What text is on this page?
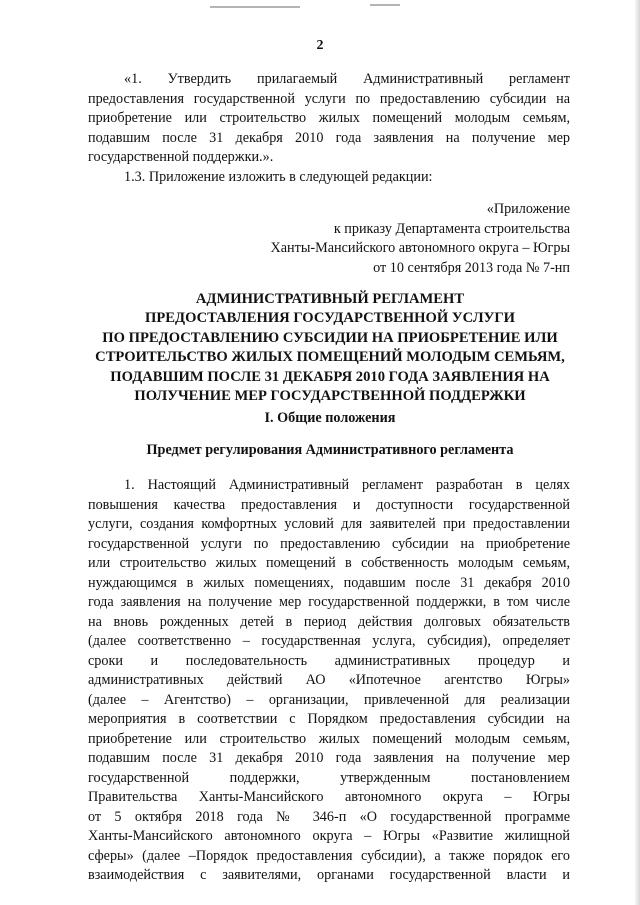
2
«1. Утвердить прилагаемый Административный регламент
предоставления государственной услуги по предоставлению субсидии на
приобретение или строительство жилых помещений молодым семьям,
подавшим после 31 декабря 2010 года заявления на получение мер
государственной поддержки.».
1.3. Приложение изложить в следующей редакции:
«Приложение
к приказу Департамента строительства
Ханты-Мансийского автономного округа – Югры
от 10 сентября 2013 года № 7-нп
АДМИНИСТРАТИВНЫЙ РЕГЛАМЕНТ
ПРЕДОСТАВЛЕНИЯ ГОСУДАРСТВЕННОЙ УСЛУГИ
ПО ПРЕДОСТАВЛЕНИЮ СУБСИДИИ НА ПРИОБРЕТЕНИЕ ИЛИ
СТРОИТЕЛЬСТВО ЖИЛЫХ ПОМЕЩЕНИЙ МОЛОДЫМ СЕМЬЯМ,
ПОДАВШИМ ПОСЛЕ 31 ДЕКАБРЯ 2010 ГОДА ЗАЯВЛЕНИЯ НА
ПОЛУЧЕНИЕ МЕР ГОСУДАРСТВЕННОЙ ПОДДЕРЖКИ
I. Общие положения
Предмет регулирования Административного регламента
1. Настоящий Административный регламент разработан в целях
повышения качества предоставления и доступности государственной
услуги, создания комфортных условий для заявителей при предоставлении
государственной услуги по предоставлению субсидии на приобретение
или строительство жилых помещений в собственность молодым семьям,
нуждающимся в жилых помещениях, подавшим после 31 декабря 2010
года заявления на получение мер государственной поддержки, в том числе
на вновь рожденных детей в период действия долговых обязательств
(далее соответственно – государственная услуга, субсидия), определяет
сроки и последовательность административных процедур и
административных действий АО «Ипотечное агентство Югры»
(далее – Агентство) – организации, привлеченной для реализации
мероприятия в соответствии с Порядком предоставления субсидии на
приобретение или строительство жилых помещений молодым семьям,
подавшим после 31 декабря 2010 года заявления на получение мер
государственной поддержки, утвержденным постановлением
Правительства Ханты-Мансийского автономного округа – Югры
от 5 октября 2018 года № 346-п «О государственной программе
Ханты-Мансийского автономного округа – Югры «Развитие жилищной
сферы» (далее –Порядок предоставления субсидии), а также порядок его
взаимодействия с заявителями, органами государственной власти и
